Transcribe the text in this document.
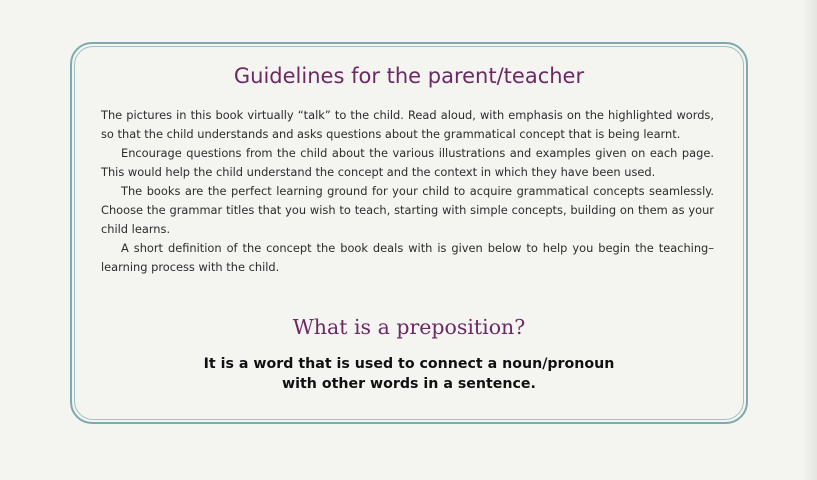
Guidelines for the parent/teacher

The pictures in this book virtually “talk” to the child. Read aloud, with emphasis on the highlighted words, so that the child understands and asks questions about the grammatical concept that is being learnt.

Encourage questions from the child about the various illustrations and examples given on each page. This would help the child understand the concept and the context in which they have been used.

The books are the perfect learning ground for your child to acquire grammatical concepts seamlessly. Choose the grammar titles that you wish to teach, starting with simple concepts, building on them as your child learns.

A short definition of the concept the book deals with is given below to help you begin the teaching–learning process with the child.

What is a preposition?
It is a word that is used to connect a noun/pronoun
with other words in a sentence.
